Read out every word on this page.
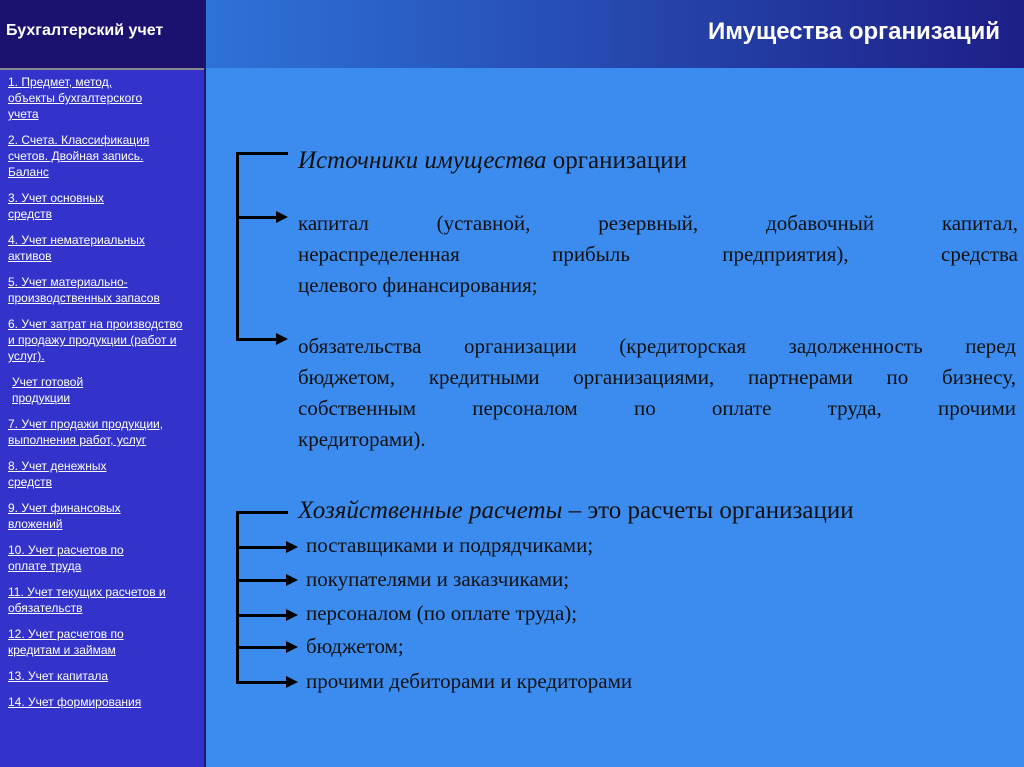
Бухгалтерский учет
1. Предмет, метод, объекты бухгалтерского учета
2. Счета. Классификация счетов. Двойная запись. Баланс
3. Учет основных средств
4. Учет нематериальных активов
5. Учет материально-производственных запасов
6. Учет затрат на производство и продажу продукции (работ и услуг).
Учет готовой продукции
7. Учет продажи продукции, выполнения работ, услуг
8. Учет денежных средств
9. Учет финансовых вложений
10. Учет расчетов по оплате труда
11. Учет текущих расчетов и обязательств
12. Учет расчетов по кредитам и займам
13. Учет капитала
14. Учет формирования
Имущества организаций
Источники имущества организации
капитал (уставной, резервный, добавочный капитал,
нераспределенная прибыль предприятия), средства
целевого финансирования;
обязательства организации (кредиторская задолженность перед
бюджетом, кредитными организациями, партнерами по бизнесу,
собственным персоналом по оплате труда, прочими
кредиторами).
Хозяйственные расчеты – это расчеты организации
поставщиками и подрядчиками;
покупателями и заказчиками;
персоналом (по оплате труда);
бюджетом;
прочими дебиторами и кредиторами
